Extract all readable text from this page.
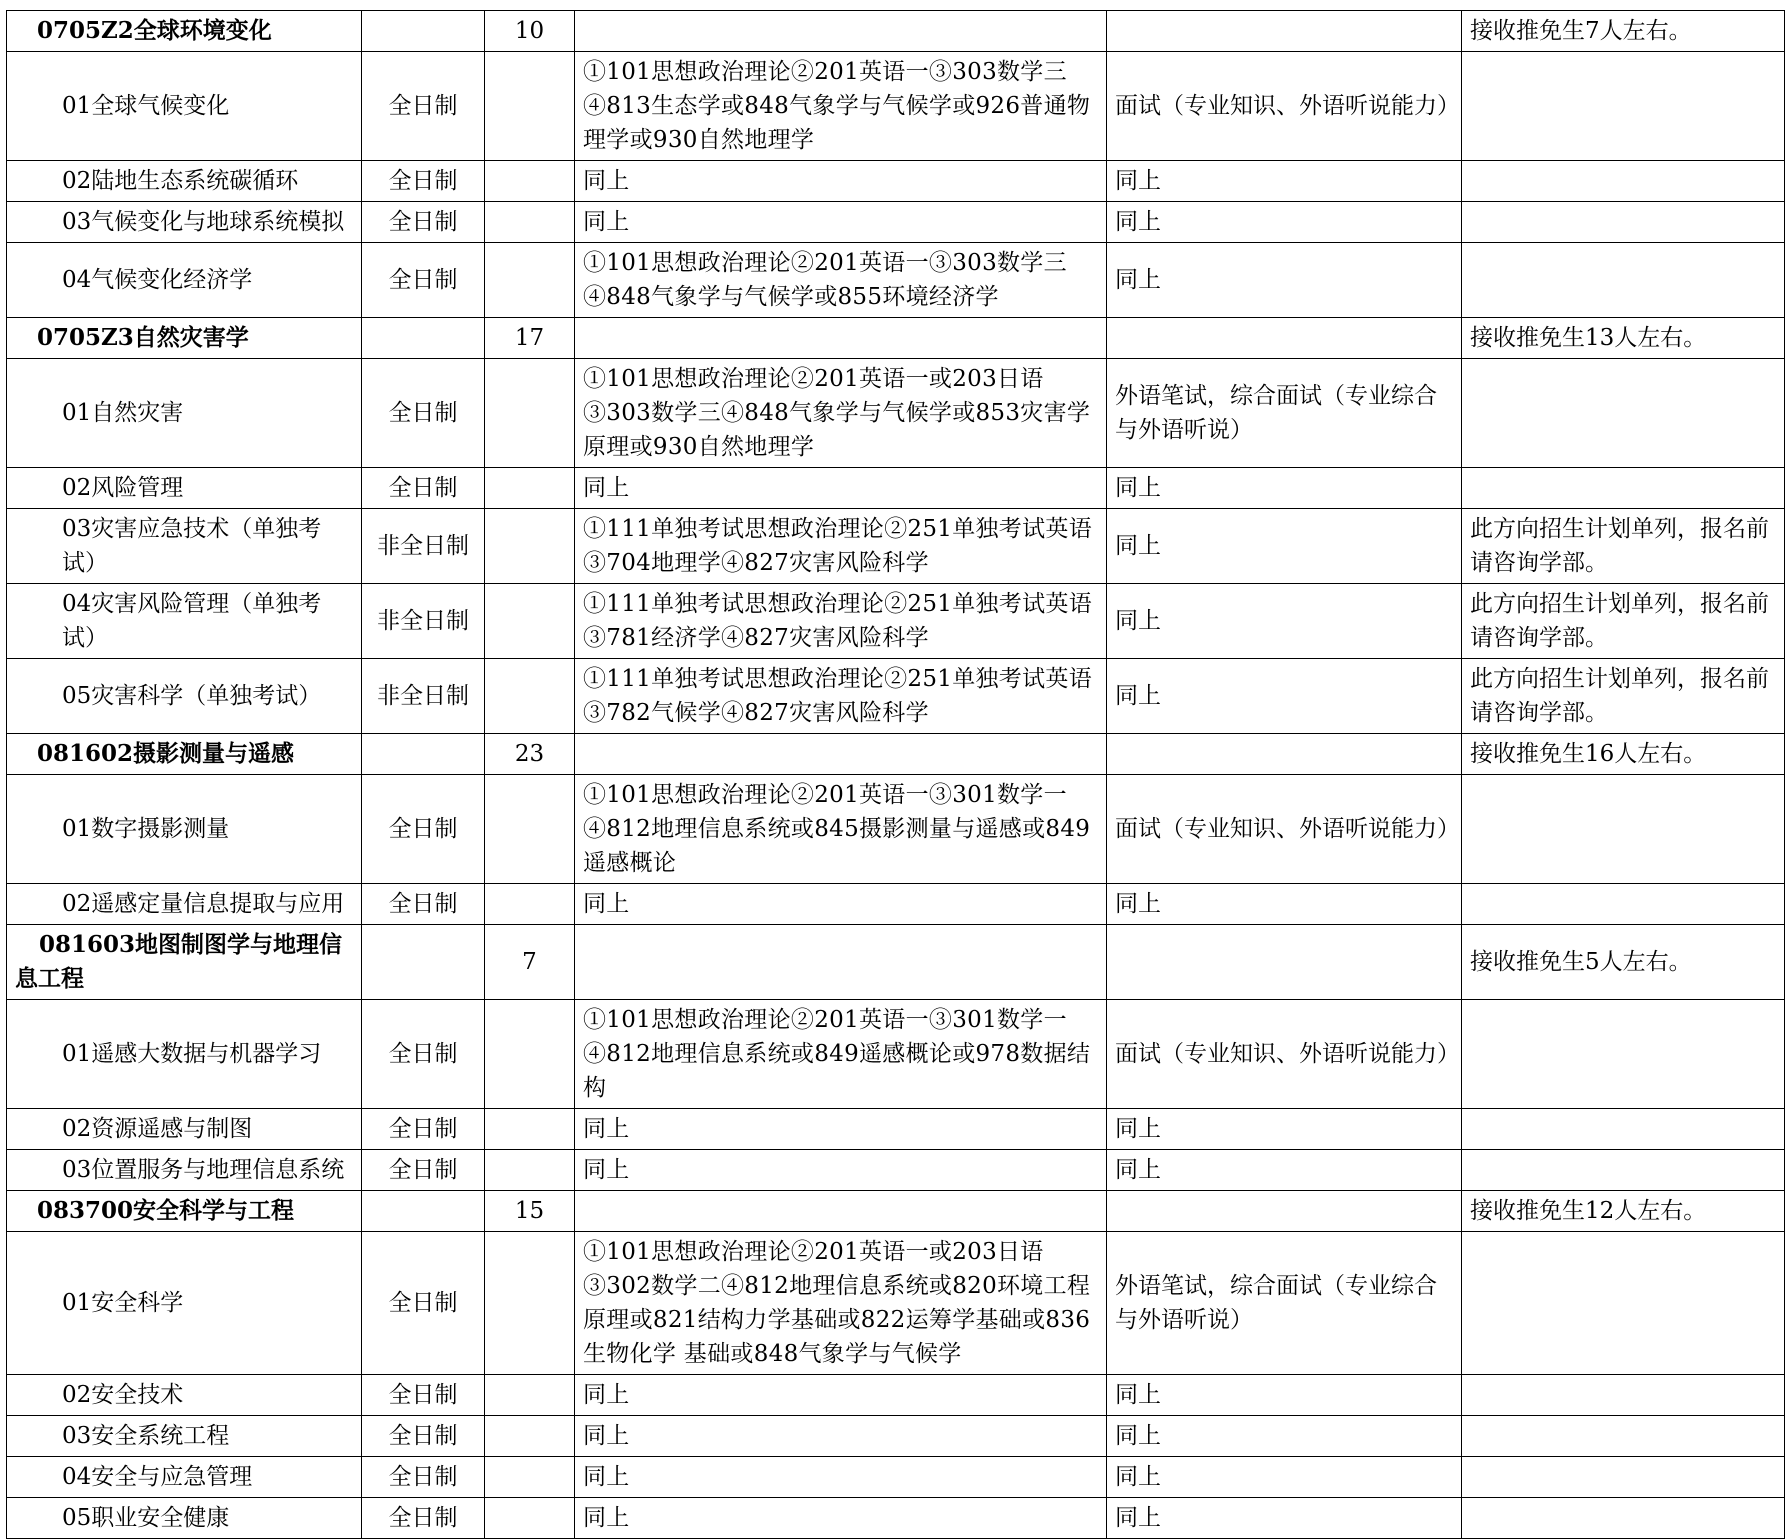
0705Z2全球环境变化		10			接收推免生7人左右。
01全球气候变化	全日制		①101思想政治理论②201英语一③303数学三④813生态学或848气象学与气候学或926普通物理学或930自然地理学	面试（专业知识、外语听说能力）	
02陆地生态系统碳循环	全日制		同上	同上	
03气候变化与地球系统模拟	全日制		同上	同上	
04气候变化经济学	全日制		①101思想政治理论②201英语一③303数学三④848气象学与气候学或855环境经济学	同上	
0705Z3自然灾害学		17			接收推免生13人左右。
01自然灾害	全日制		①101思想政治理论②201英语一或203日语③303数学三④848气象学与气候学或853灾害学原理或930自然地理学	外语笔试，综合面试（专业综合与外语听说）	
02风险管理	全日制		同上	同上	
03灾害应急技术（单独考试）	非全日制		①111单独考试思想政治理论②251单独考试英语③704地理学④827灾害风险科学	同上	此方向招生计划单列，报名前请咨询学部。
04灾害风险管理（单独考试）	非全日制		①111单独考试思想政治理论②251单独考试英语③781经济学④827灾害风险科学	同上	此方向招生计划单列，报名前请咨询学部。
05灾害科学（单独考试）	非全日制		①111单独考试思想政治理论②251单独考试英语③782气候学④827灾害风险科学	同上	此方向招生计划单列，报名前请咨询学部。
081602摄影测量与遥感		23			接收推免生16人左右。
01数字摄影测量	全日制		①101思想政治理论②201英语一③301数学一④812地理信息系统或845摄影测量与遥感或849遥感概论	面试（专业知识、外语听说能力）	
02遥感定量信息提取与应用	全日制		同上	同上	
081603地图制图学与地理信息工程		7			接收推免生5人左右。
01遥感大数据与机器学习	全日制		①101思想政治理论②201英语一③301数学一④812地理信息系统或849遥感概论或978数据结构	面试（专业知识、外语听说能力）	
02资源遥感与制图	全日制		同上	同上	
03位置服务与地理信息系统	全日制		同上	同上	
083700安全科学与工程		15			接收推免生12人左右。
01安全科学	全日制		①101思想政治理论②201英语一或203日语③302数学二④812地理信息系统或820环境工程原理或821结构力学基础或822运筹学基础或836生物化学 基础或848气象学与气候学	外语笔试，综合面试（专业综合与外语听说）	
02安全技术	全日制		同上	同上	
03安全系统工程	全日制		同上	同上	
04安全与应急管理	全日制		同上	同上	
05职业安全健康	全日制		同上	同上	
